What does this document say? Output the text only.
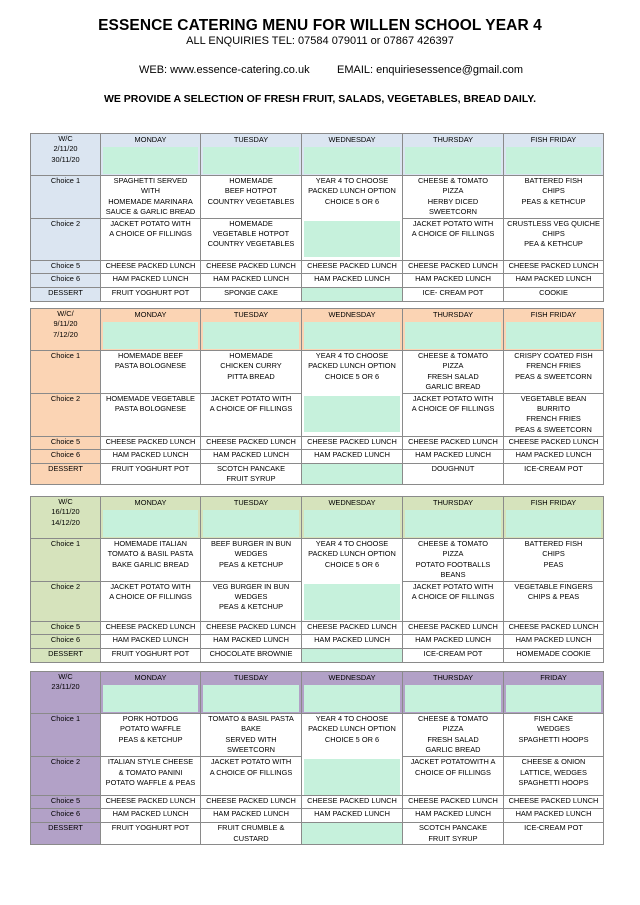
ESSENCE CATERING MENU FOR WILLEN SCHOOL YEAR 4
ALL ENQUIRIES TEL: 07584 079011 or 07867 426397
WEB: www.essence-catering.co.uk EMAIL: enquiriesessence@gmail.com
WE PROVIDE A SELECTION OF FRESH FRUIT, SALADS, VEGETABLES, BREAD DAILY.
W/C
2/11/20
30/11/20	MONDAY	TUESDAY	WEDNESDAY	THURSDAY	FISH FRIDAY

Choice 1	SPAGHETTI SERVED
WITH
HOMEMADE MARINARA
SAUCE & GARLIC BREAD	HOMEMADE
BEEF HOTPOT
COUNTRY VEGETABLES	YEAR 4 TO CHOOSE
PACKED LUNCH OPTION
CHOICE 5 OR 6	CHEESE & TOMATO
PIZZA
HERBY DICED
SWEETCORN	BATTERED FISH
CHIPS
PEAS & KETHCUP

Choice 2	JACKET POTATO WITH
A CHOICE OF FILLINGS	HOMEMADE
VEGETABLE HOTPOT
COUNTRY VEGETABLES		JACKET POTATO WITH
A CHOICE OF FILLINGS	CRUSTLESS VEG QUICHE
CHIPS
PEA & KETHCUP

Choice 5	CHEESE PACKED LUNCH	CHEESE PACKED LUNCH	CHEESE PACKED LUNCH	CHEESE PACKED LUNCH	CHEESE PACKED LUNCH

Choice 6	HAM PACKED LUNCH	HAM PACKED LUNCH	HAM PACKED LUNCH	HAM PACKED LUNCH	HAM PACKED LUNCH

DESSERT	FRUIT YOGHURT POT	SPONGE CAKE		ICE- CREAM POT	COOKIE
W/C/
9/11/20
7/12/20	MONDAY	TUESDAY	WEDNESDAY	THURSDAY	FISH FRIDAY

Choice 1	HOMEMADE BEEF
PASTA BOLOGNESE	HOMEMADE
CHICKEN CURRY
PITTA BREAD	YEAR 4 TO CHOOSE
PACKED LUNCH OPTION
CHOICE 5 OR 6	CHEESE & TOMATO
PIZZA
FRESH SALAD
GARLIC BREAD	CRISPY COATED FISH
FRENCH FRIES
PEAS & SWEETCORN

Choice 2	HOMEMADE VEGETABLE
PASTA BOLOGNESE	JACKET POTATO WITH
A CHOICE OF FILLINGS		JACKET POTATO WITH
A CHOICE OF FILLINGS	VEGETABLE BEAN
BURRITO
FRENCH FRIES
PEAS & SWEETCORN

Choice 5	CHEESE PACKED LUNCH	CHEESE PACKED LUNCH	CHEESE PACKED LUNCH	CHEESE PACKED LUNCH	CHEESE PACKED LUNCH

Choice 6	HAM PACKED LUNCH	HAM PACKED LUNCH	HAM PACKED LUNCH	HAM PACKED LUNCH	HAM PACKED LUNCH

DESSERT	FRUIT YOGHURT POT	SCOTCH PANCAKE
FRUIT SYRUP		DOUGHNUT	ICE-CREAM POT
W/C
16/11/20
14/12/20	MONDAY	TUESDAY	WEDNESDAY	THURSDAY	FISH FRIDAY

Choice 1	HOMEMADE ITALIAN
TOMATO & BASIL PASTA
BAKE GARLIC BREAD	BEEF BURGER IN BUN
WEDGES
PEAS & KETCHUP	YEAR 4 TO CHOOSE
PACKED LUNCH OPTION
CHOICE 5 OR 6	CHEESE & TOMATO
PIZZA
POTATO FOOTBALLS
BEANS	BATTERED FISH
CHIPS
PEAS

Choice 2	JACKET POTATO WITH
A CHOICE OF FILLINGS	VEG BURGER IN BUN
WEDGES
PEAS & KETCHUP		JACKET POTATO WITH
A CHOICE OF FILLINGS	VEGETABLE FINGERS
CHIPS & PEAS

Choice 5	CHEESE PACKED LUNCH	CHEESE PACKED LUNCH	CHEESE PACKED LUNCH	CHEESE PACKED LUNCH	CHEESE PACKED LUNCH

Choice 6	HAM PACKED LUNCH	HAM PACKED LUNCH	HAM PACKED LUNCH	HAM PACKED LUNCH	HAM PACKED LUNCH

DESSERT	FRUIT YOGHURT POT	CHOCOLATE BROWNIE		ICE-CREAM POT	HOMEMADE COOKIE
W/C
23/11/20	MONDAY	TUESDAY	WEDNESDAY	THURSDAY	FRIDAY

Choice 1	PORK HOTDOG
POTATO WAFFLE
PEAS & KETCHUP	TOMATO & BASIL PASTA
BAKE
SERVED WITH
SWEETCORN	YEAR 4 TO CHOOSE
PACKED LUNCH OPTION
CHOICE 5 OR 6	CHEESE & TOMATO
PIZZA
FRESH SALAD
GARLIC BREAD	FISH CAKE
WEDGES
SPAGHETTI HOOPS

Choice 2	ITALIAN STYLE CHEESE
& TOMATO PANINI
POTATO WAFFLE & PEAS	JACKET POTATO WITH
A CHOICE OF FILLINGS		JACKET POTATOWITH A
CHOICE OF FILLINGS	CHEESE & ONION
LATTICE, WEDGES
SPAGHETTI HOOPS

Choice 5	CHEESE PACKED LUNCH	CHEESE PACKED LUNCH	CHEESE PACKED LUNCH	CHEESE PACKED LUNCH	CHEESE PACKED LUNCH

Choice 6	HAM PACKED LUNCH	HAM PACKED LUNCH	HAM PACKED LUNCH	HAM PACKED LUNCH	HAM PACKED LUNCH

DESSERT	FRUIT YOGHURT POT	FRUIT CRUMBLE &
CUSTARD		SCOTCH PANCAKE
FRUIT SYRUP	ICE-CREAM POT
